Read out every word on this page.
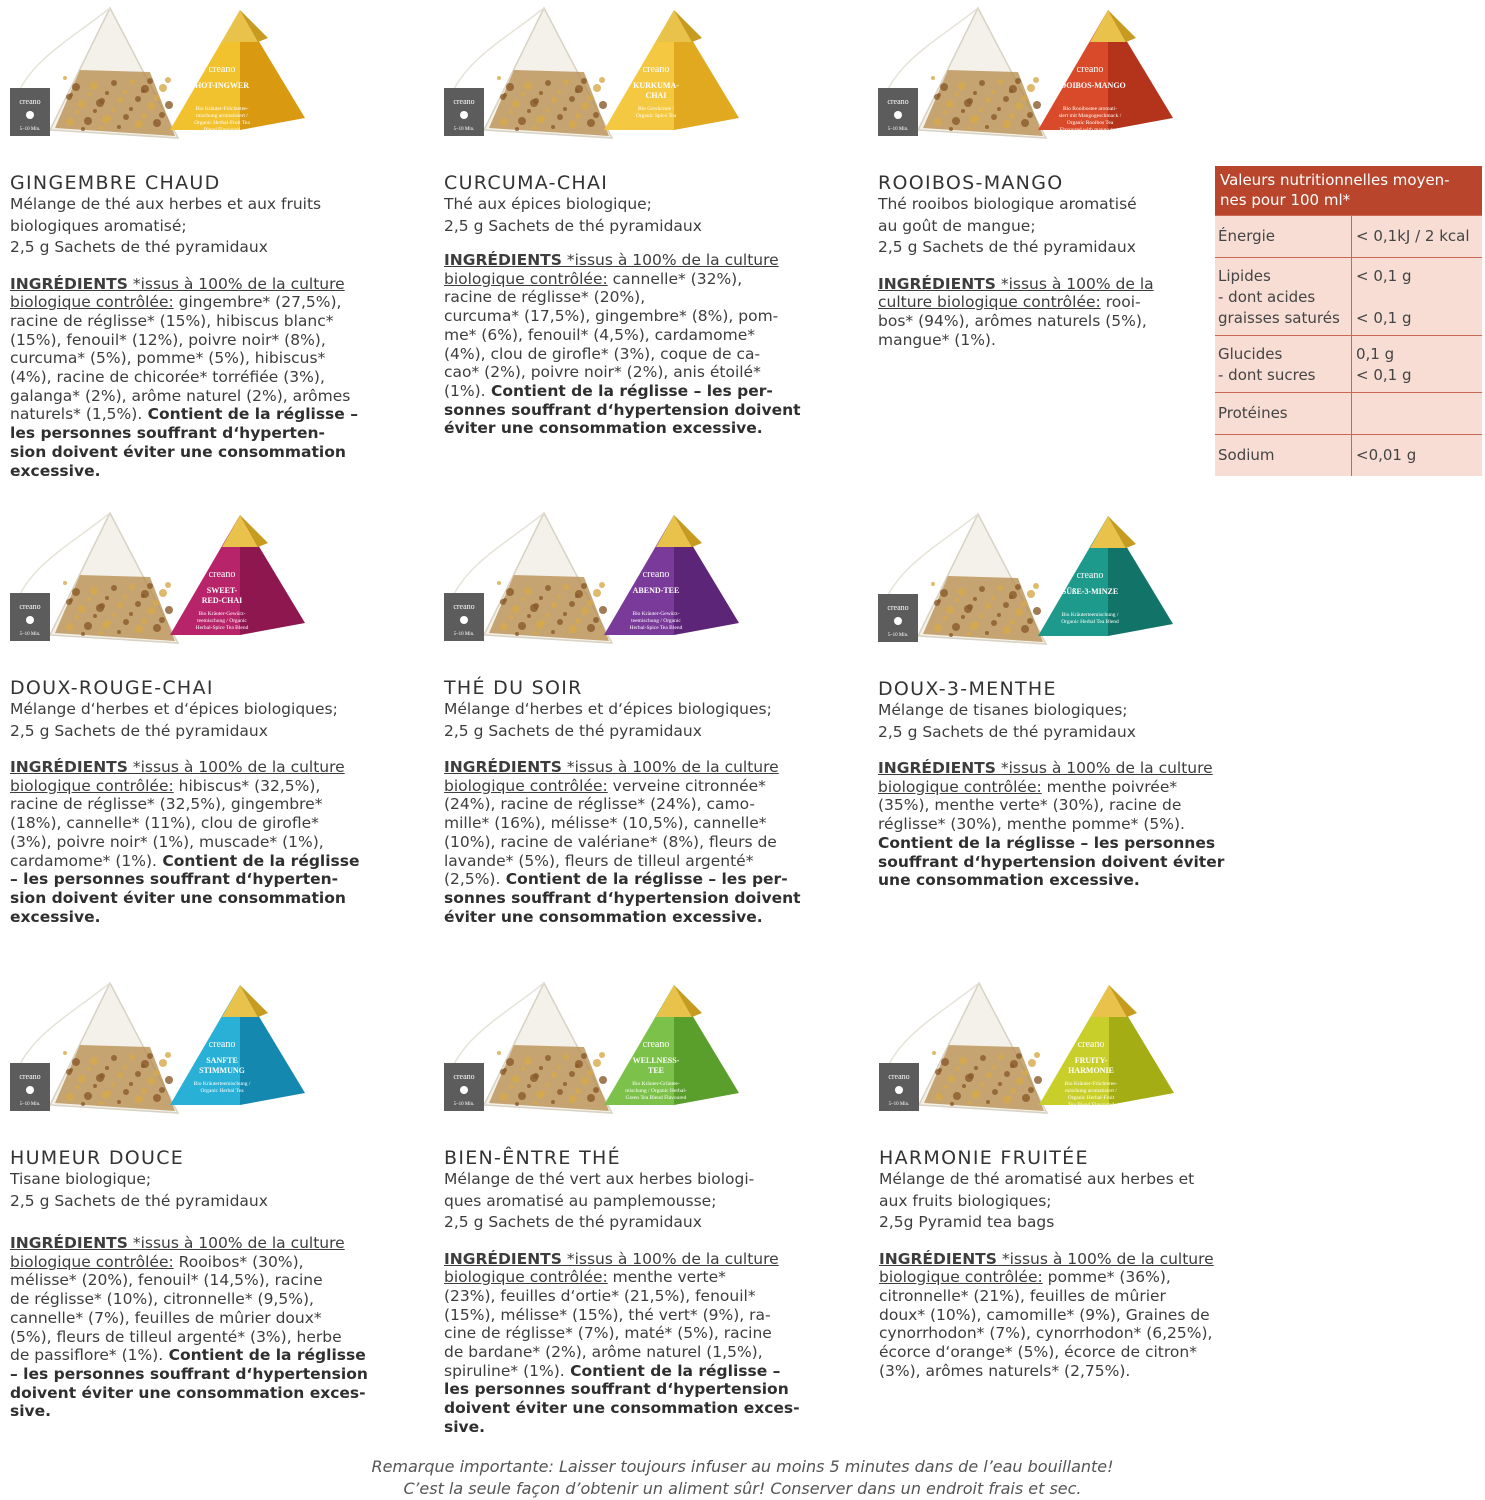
creano
HOT-INGWER
Bio Kräuter-Früchtetee-
mischung aromatisiert /
Organic Herbal-Fruit Tea
Blend Flavoured
creano
5–10 Min.
GINGEMBRE CHAUD
Mélange de thé aux herbes et aux fruits
biologiques aromatisé;
2,5 g Sachets de thé pyramidaux
INGRÉDIENTS *issus à 100% de la culture
biologique contrôlée: gingembre* (27,5%),
racine de réglisse* (15%), hibiscus blanc*
(15%), fenouil* (12%), poivre noir* (8%),
curcuma* (5%), pomme* (5%), hibiscus*
(4%), racine de chicorée* torréfiée (3%),
galanga* (2%), arôme naturel (2%), arômes
naturels* (1,5%). Contient de la réglisse –
les personnes souffrant d‘hyperten-
sion doivent éviter une consommation
excessive.
creano
KURKUMA-
CHAI
Bio Gewürztee /
Organic Spice Tea
creano
5–10 Min.
CURCUMA-CHAI
Thé aux épices biologique;
2,5 g Sachets de thé pyramidaux
INGRÉDIENTS *issus à 100% de la culture
biologique contrôlée: cannelle* (32%),
racine de réglisse* (20%),
curcuma* (17,5%), gingembre* (8%), pom-
me* (6%), fenouil* (4,5%), cardamome*
(4%), clou de girofle* (3%), coque de ca-
cao* (2%), poivre noir* (2%), anis étoilé*
(1%). Contient de la réglisse – les per-
sonnes souffrant d‘hypertension doivent
éviter une consommation excessive.
creano
ROOIBOS-MANGO
Bio Rooibostee aromati-
siert mit Mangogeschmack /
Organic Rooibos Tea
Flavoured with mango taste
creano
5–10 Min.
ROOIBOS-MANGO
Thé rooibos biologique aromatisé
au goût de mangue;
2,5 g Sachets de thé pyramidaux
INGRÉDIENTS *issus à 100% de la
culture biologique contrôlée: rooi-
bos* (94%), arômes naturels (5%),
mangue* (1%).
Valeurs nutritionnelles moyen-
nes pour 100 ml*
Énergie	< 0,1kJ / 2 kcal
Lipides
- dont acides
graisses saturés
< 0,1 g

< 0,1 g
Glucides
- dont sucres
0,1 g
< 0,1 g
Protéines
Sodium	<0,01 g
creano
SWEET-
RED-CHAI
Bio Kräuter-Gewürz-
teemischung / Organic
Herbal-Spice Tea Blend
creano
5–10 Min.
DOUX-ROUGE-CHAI
Mélange d‘herbes et d‘épices biologiques;
2,5 g Sachets de thé pyramidaux
INGRÉDIENTS *issus à 100% de la culture
biologique contrôlée: hibiscus* (32,5%),
racine de réglisse* (32,5%), gingembre*
(18%), cannelle* (11%), clou de girofle*
(3%), poivre noir* (1%), muscade* (1%),
cardamome* (1%). Contient de la réglisse
– les personnes souffrant d‘hyperten-
sion doivent éviter une consommation
excessive.
creano
ABEND-TEE
Bio Kräuter-Gewürz-
teemischung / Organic
Herbal-Spice Tea Blend
creano
5–10 Min.
THÉ DU SOIR
Mélange d‘herbes et d‘épices biologiques;
2,5 g Sachets de thé pyramidaux
INGRÉDIENTS *issus à 100% de la culture
biologique contrôlée: verveine citronnée*
(24%), racine de réglisse* (24%), camo-
mille* (16%), mélisse* (10,5%), cannelle*
(10%), racine de valériane* (8%), fleurs de
lavande* (5%), fleurs de tilleul argenté*
(2,5%). Contient de la réglisse – les per-
sonnes souffrant d‘hypertension doivent
éviter une consommation excessive.
creano
SÜßE-3-MINZE
Bio Kräuterteemischung /
Organic Herbal Tea Blend
creano
5–10 Min.
DOUX-3-MENTHE
Mélange de tisanes biologiques;
2,5 g Sachets de thé pyramidaux
INGRÉDIENTS *issus à 100% de la culture
biologique contrôlée: menthe poivrée*
(35%), menthe verte* (30%), racine de
réglisse* (30%), menthe pomme* (5%).
Contient de la réglisse – les personnes
souffrant d‘hypertension doivent éviter
une consommation excessive.
creano
SANFTE
STIMMUNG
Bio Kräuterteemischung /
Organic Herbal Tea
creano
5–10 Min.
HUMEUR DOUCE
Tisane biologique;
2,5 g Sachets de thé pyramidaux
INGRÉDIENTS *issus à 100% de la culture
biologique contrôlée: Rooibos* (30%),
mélisse* (20%), fenouil* (14,5%), racine
de réglisse* (10%), citronnelle* (9,5%),
cannelle* (7%), feuilles de mûrier doux*
(5%), fleurs de tilleul argenté* (3%), herbe
de passiflore* (1%). Contient de la réglisse
– les personnes souffrant d‘hypertension
doivent éviter une consommation exces-
sive.
creano
WELLNESS-
TEE
Bio Kräuter-Grüntee-
mischung / Organic Herbal-
Green Tea Blend Flavoured
creano
5–10 Min.
BIEN-ÊNTRE THÉ
Mélange de thé vert aux herbes biologi-
ques aromatisé au pamplemousse;
2,5 g Sachets de thé pyramidaux
INGRÉDIENTS *issus à 100% de la culture
biologique contrôlée: menthe verte*
(23%), feuilles d‘ortie* (21,5%), fenouil*
(15%), mélisse* (15%), thé vert* (9%), ra-
cine de réglisse* (7%), maté* (5%), racine
de bardane* (2%), arôme naturel (1,5%),
spiruline* (1%). Contient de la réglisse –
les personnes souffrant d‘hypertension
doivent éviter une consommation exces-
sive.
creano
FRUITY-
HARMONIE
Bio Kräuter-Früchtetee-
mischung aromatisiert /
Organic Herbal-Fruit
Tea Blend Flavoured
creano
5–10 Min.
HARMONIE FRUITÉE
Mélange de thé aromatisé aux herbes et
aux fruits biologiques;
2,5g Pyramid tea bags
INGRÉDIENTS *issus à 100% de la culture
biologique contrôlée: pomme* (36%),
citronnelle* (21%), feuilles de mûrier
doux* (10%), camomille* (9%), Graines de
cynorrhodon* (7%), cynorrhodon* (6,25%),
écorce d‘orange* (5%), écorce de citron*
(3%), arômes naturels* (2,75%).
Remarque importante: Laisser toujours infuser au moins 5 minutes dans de l’eau bouillante!
C’est la seule façon d’obtenir un aliment sûr! Conserver dans un endroit frais et sec.
